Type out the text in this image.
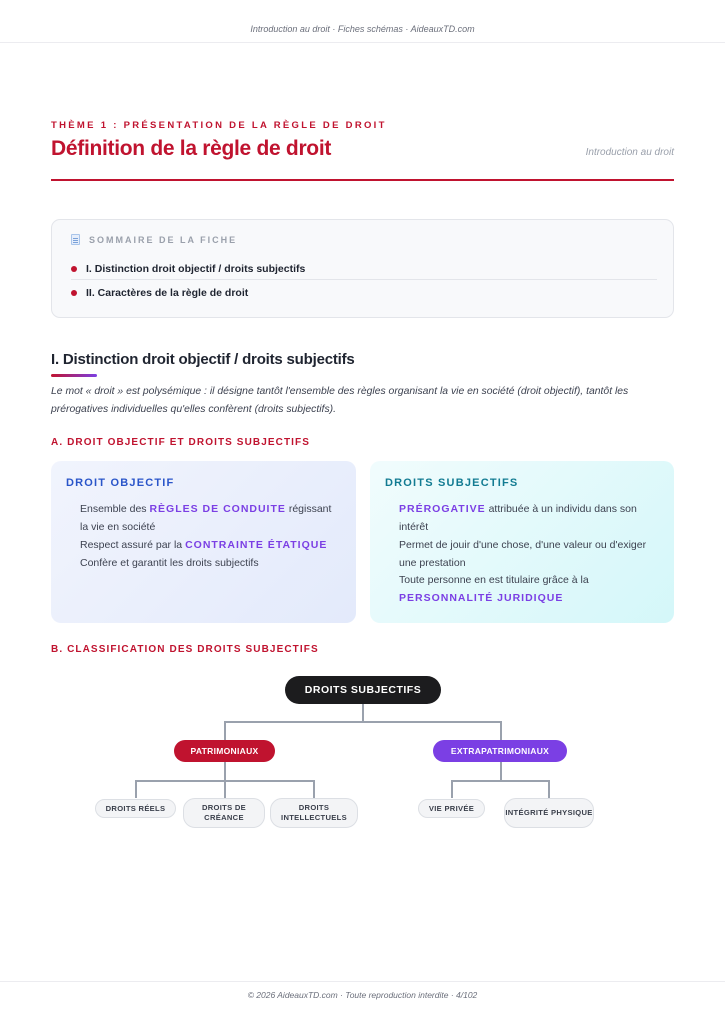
Introduction au droit · Fiches schémas · AideauxTD.com
THÈME 1 : PRÉSENTATION DE LA RÈGLE DE DROIT
Définition de la règle de droit	Introduction au droit
SOMMAIRE DE LA FICHE
I. Distinction droit objectif / droits subjectifs
II. Caractères de la règle de droit
I. Distinction droit objectif / droits subjectifs
Le mot « droit » est polysémique : il désigne tantôt l'ensemble des règles organisant la vie en société (droit objectif), tantôt les prérogatives individuelles qu'elles confèrent (droits subjectifs).
A. DROIT OBJECTIF ET DROITS SUBJECTIFS
DROIT OBJECTIF
Ensemble des RÈGLES DE CONDUITE régissant la vie en société
Respect assuré par la CONTRAINTE ÉTATIQUE
Confère et garantit les droits subjectifs
DROITS SUBJECTIFS
PRÉROGATIVE attribuée à un individu dans son intérêt
Permet de jouir d'une chose, d'une valeur ou d'exiger une prestation
Toute personne en est titulaire grâce à la PERSONNALITÉ JURIDIQUE
B. CLASSIFICATION DES DROITS SUBJECTIFS
DROITS SUBJECTIFS
PATRIMONIAUX	EXTRAPATRIMONIAUX
DROITS RÉELS	DROITS DE CRÉANCE
DROITS INTELLECTUELS
VIE PRIVÉE	INTÉGRITÉ PHYSIQUE
© 2026 AideauxTD.com · Toute reproduction interdite · 4/102
